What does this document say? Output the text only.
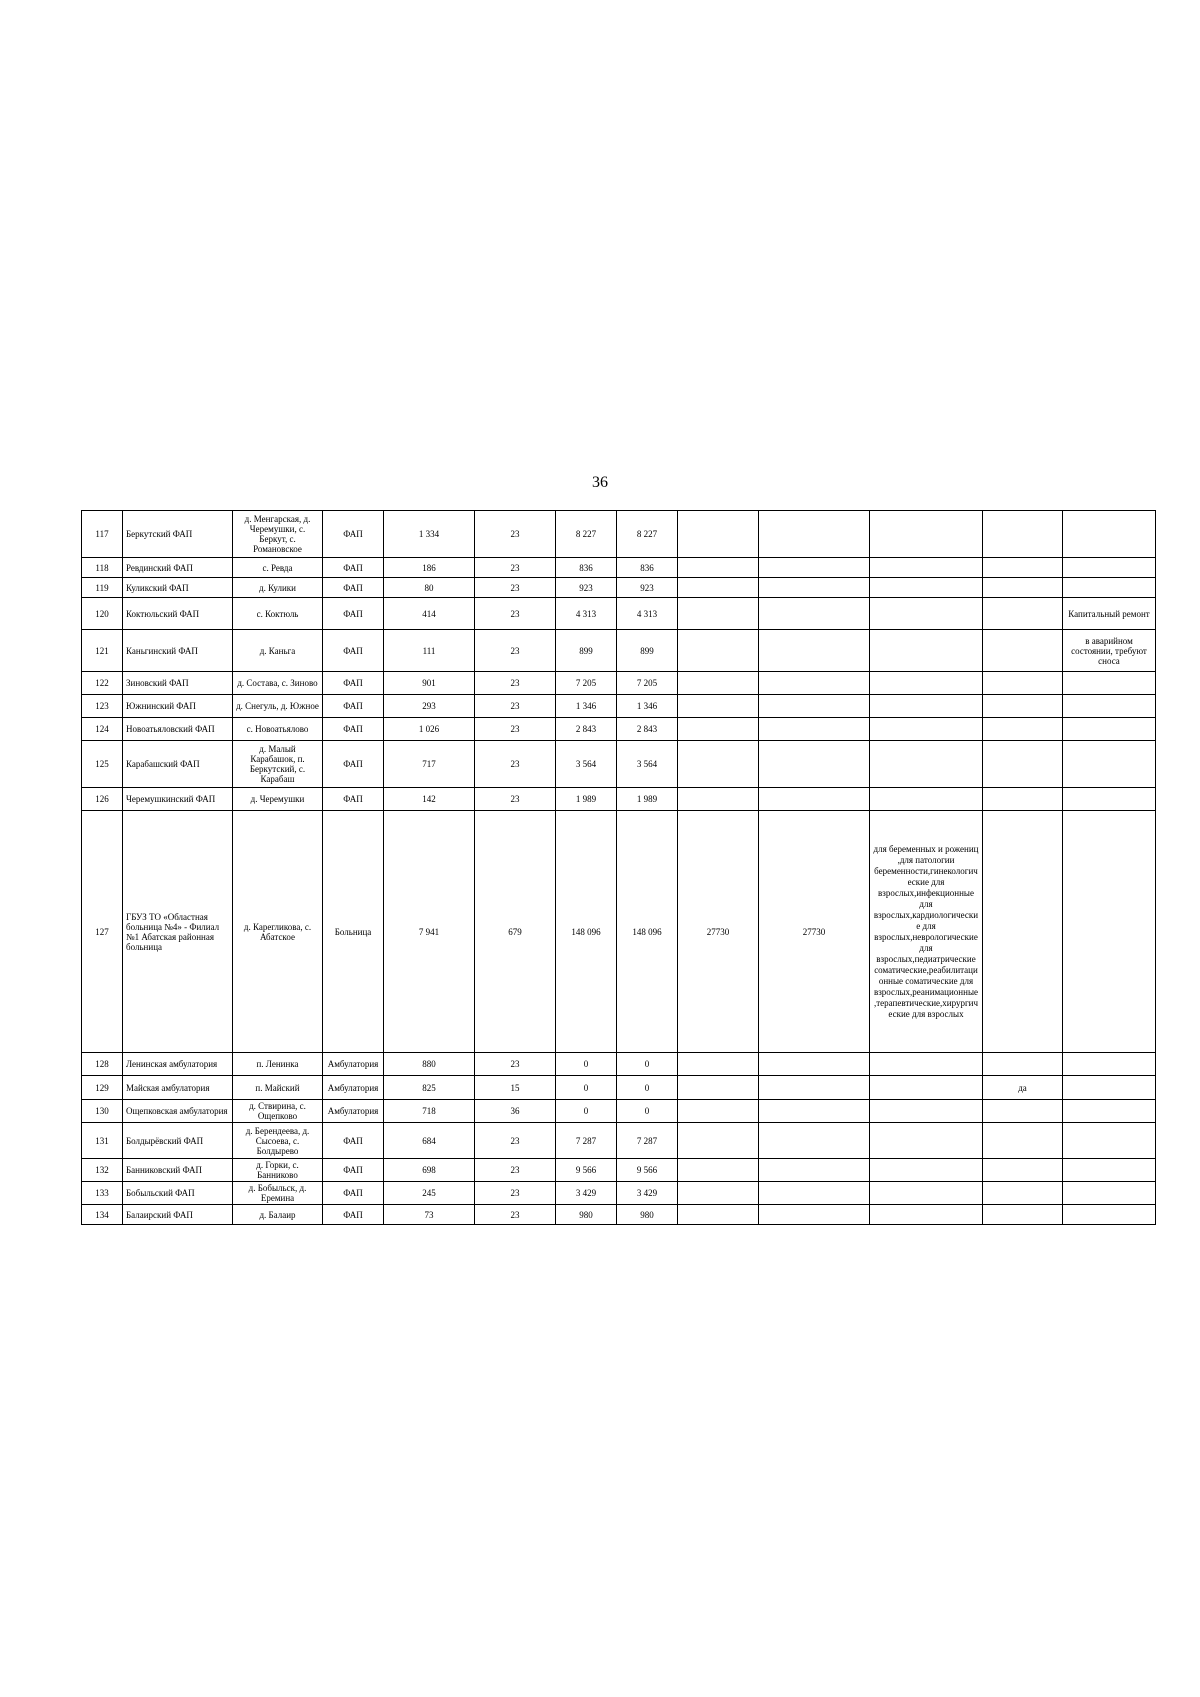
36
117	Беркутский ФАП	д. Менгарская, д. Черемушки, с. Беркут, с. Романовское	ФАП	1 334	23	8 227	8 227					
118	Ревдинский ФАП	с. Ревда	ФАП	186	23	836	836					
119	Куликский ФАП	д. Кулики	ФАП	80	23	923	923					
120	Коктюльский ФАП	с. Коктюль	ФАП	414	23	4 313	4 313					Капитальный ремонт
121	Каньгинский ФАП	д. Каньга	ФАП	111	23	899	899					в аварийном состоянии, требуют сноса
122	Зиновский ФАП	д. Состава, с. Зиново	ФАП	901	23	7 205	7 205					
123	Южнинский ФАП	д. Снегуль, д. Южное	ФАП	293	23	1 346	1 346					
124	Новоатьяловский ФАП	с. Новоатьялово	ФАП	1 026	23	2 843	2 843					
125	Карабашский ФАП	д. Малый Карабашок, п. Беркутский, с. Карабаш	ФАП	717	23	3 564	3 564					
126	Черемушкинский ФАП	д. Черемушки	ФАП	142	23	1 989	1 989					
127	ГБУЗ ТО «Областная больница №4» - Филиал №1 Абатская районная больница	д. Карегликова, с. Абатское	Больница	7 941	679	148 096	148 096	27730	27730	для беременных и рожениц ,для патологии беременности,гинекологические для взрослых,инфекционные для взрослых,кардиологические для взрослых,неврологические для взрослых,педиатрические соматические,реабилитационные соматические для взрослых,реанимационные ,терапевтические,хирургические для взрослых		
128	Ленинская амбулатория	п. Ленинка	Амбулатория	880	23	0	0					
129	Майская амбулатория	п. Майский	Амбулатория	825	15	0	0				да	
130	Ощепковская амбулатория	д. Ствирина, с. Ощепково	Амбулатория	718	36	0	0					
131	Болдырёвский ФАП	д. Берендеева, д. Сысоева, с. Болдырево	ФАП	684	23	7 287	7 287					
132	Банниковский ФАП	д. Горки, с. Банниково	ФАП	698	23	9 566	9 566					
133	Бобыльский ФАП	д. Бобыльск, д. Еремина	ФАП	245	23	3 429	3 429					
134	Балаирский ФАП	д. Балаир	ФАП	73	23	980	980					
